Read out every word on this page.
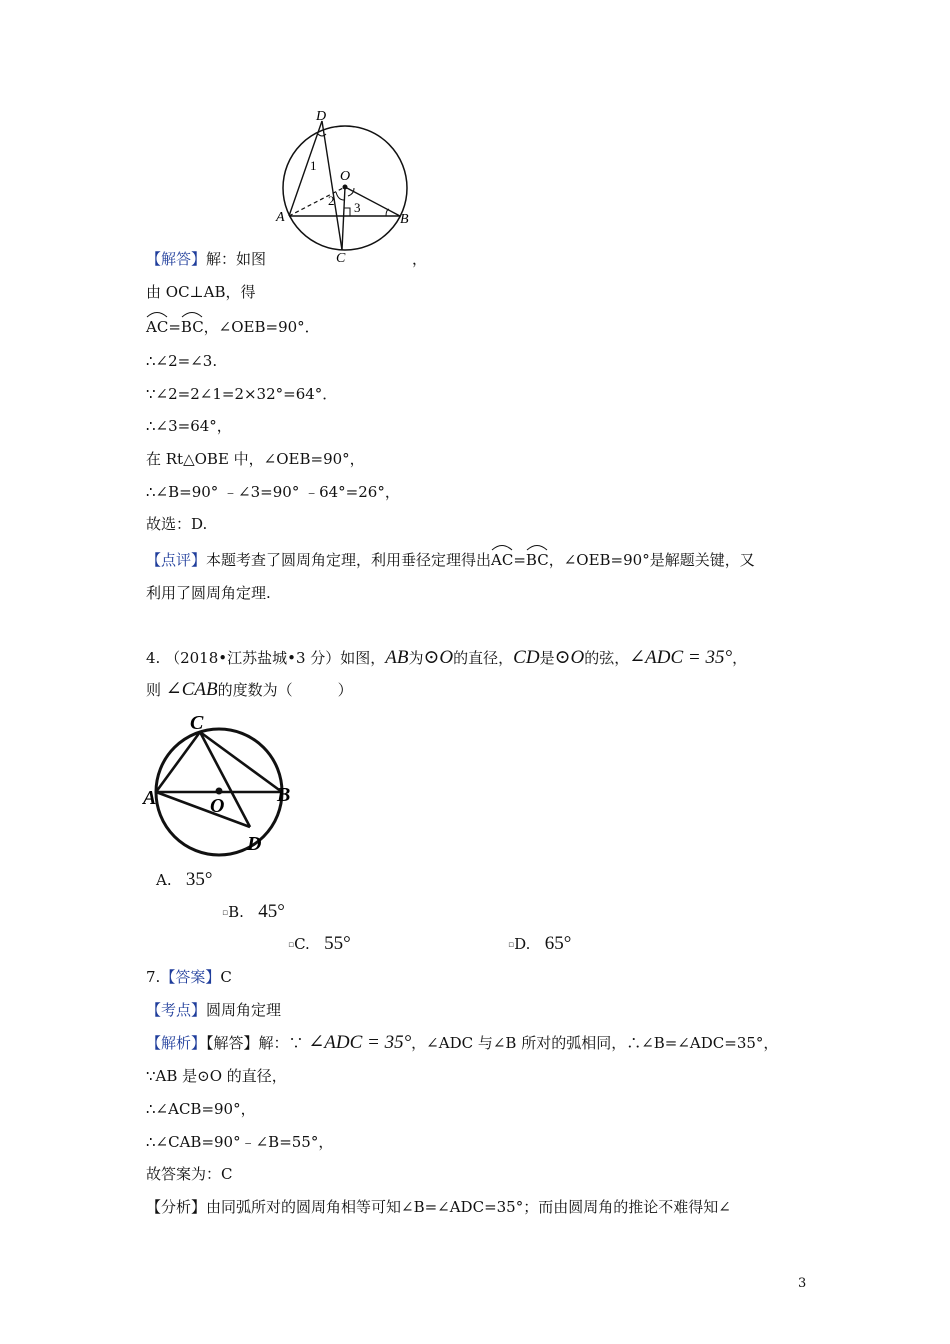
D
O
A	B
C
1
2 3
【解答】解：如图	，
由 OC⊥AB，得
AC=
BC，∠OEB=90°．
∴∠2=∠3.
∵∠2=2∠1=2×32°=64°．
∴∠3=64°，
在 Rt△OBE 中，∠OEB=90°，
∴∠B=90° ﹣∠3=90° ﹣64°=26°，
故选：D.
【点评】本题考查了圆周角定理，利用垂径定理得出
AC=
BC，∠OEB=90°是解题关键，又
利用了圆周角定理.
4. （2018•江苏盐城•3 分）如图，AB为⊙O的直径，CD是⊙O的弦，∠ADC = 35°，
则 ∠CAB的度数为（　　　）
C
A	B
O
D
A. 35°
▫B. 45°
▫C. 55°	▫D. 65°
7.【答案】C
【考点】圆周角定理
【解析】【解答】解：∵ ∠ADC = 35°，∠ADC 与∠B 所对的弧相同，∴∠B=∠ADC=35°，
∵AB 是⊙O 的直径，
∴∠ACB=90°，
∴∠CAB=90°﹣∠B=55°，
故答案为：C
【分析】由同弧所对的圆周角相等可知∠B=∠ADC=35°；而由圆周角的推论不难得知∠
3
